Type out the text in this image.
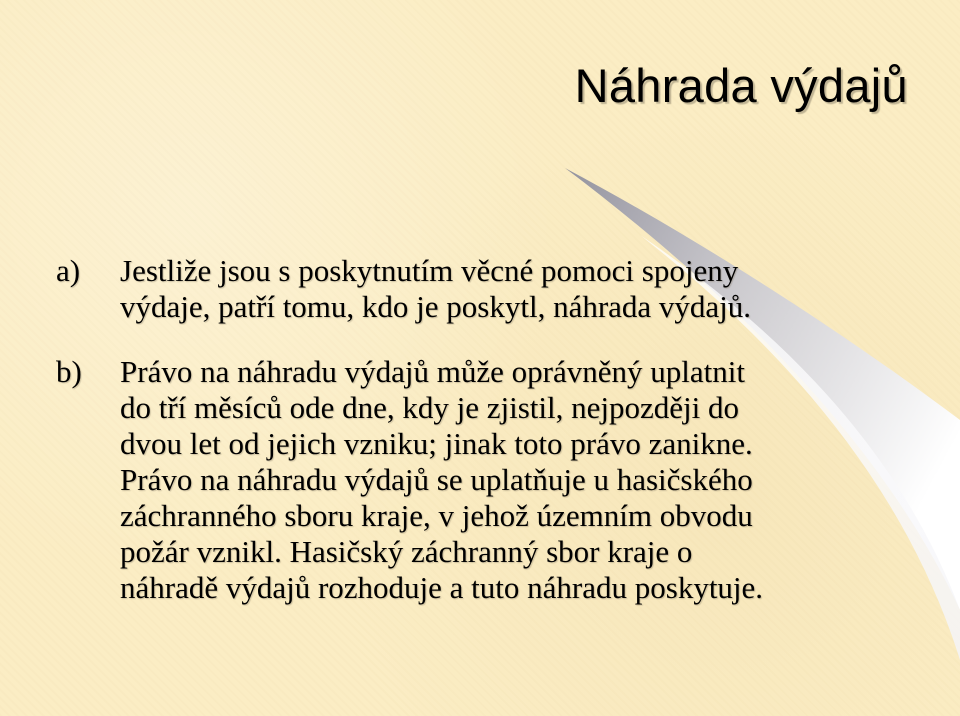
Náhrada výdajů
a)	Jestliže jsou s poskytnutím věcné pomoci spojeny
výdaje, patří tomu, kdo je poskytl, náhrada výdajů.
b)	Právo na náhradu výdajů může oprávněný uplatnit
do tří měsíců ode dne, kdy je zjistil, nejpozději do
dvou let od jejich vzniku; jinak toto právo zanikne.
Právo na náhradu výdajů se uplatňuje u hasičského
záchranného sboru kraje, v jehož územním obvodu
požár vznikl. Hasičský záchranný sbor kraje o
náhradě výdajů rozhoduje a tuto náhradu poskytuje.
